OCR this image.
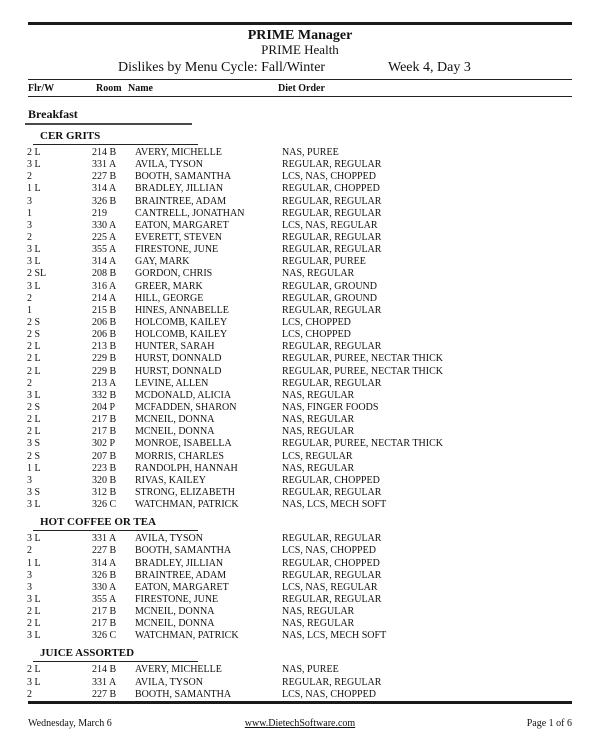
PRIME Manager
PRIME Health
Dislikes by Menu Cycle: Fall/Winter	Week 4, Day 3
Flr/W	Room Name	Diet Order
Breakfast
CER GRITS
2 L	214 B AVERY, MICHELLE	NAS, PUREE
3 L	331 A AVILA, TYSON	REGULAR, REGULAR
2	227 B BOOTH, SAMANTHA	LCS, NAS, CHOPPED
1 L	314 A BRADLEY, JILLIAN	REGULAR, CHOPPED
3	326 B BRAINTREE, ADAM	REGULAR, REGULAR
1	219	CANTRELL, JONATHAN	REGULAR, REGULAR
3	330 A EATON, MARGARET	LCS, NAS, REGULAR
2	225 A EVERETT, STEVEN	REGULAR, REGULAR
3 L	355 A FIRESTONE, JUNE	REGULAR, REGULAR
3 L	314 A GAY, MARK	REGULAR, PUREE
2 SL	208 B GORDON, CHRIS	NAS, REGULAR
3 L	316 A GREER, MARK	REGULAR, GROUND
2	214 A HILL, GEORGE	REGULAR, GROUND
1	215 B HINES, ANNABELLE	REGULAR, REGULAR
2 S	206 B HOLCOMB, KAILEY	LCS, CHOPPED
2 S	206 B HOLCOMB, KAILEY	LCS, CHOPPED
2 L	213 B HUNTER, SARAH	REGULAR, REGULAR
2 L	229 B HURST, DONNALD	REGULAR, PUREE, NECTAR THICK
2 L	229 B HURST, DONNALD	REGULAR, PUREE, NECTAR THICK
2	213 A LEVINE, ALLEN	REGULAR, REGULAR
3 L	332 B MCDONALD, ALICIA	NAS, REGULAR
2 S	204 P MCFADDEN, SHARON	NAS, FINGER FOODS
2 L	217 B MCNEIL, DONNA	NAS, REGULAR
2 L	217 B MCNEIL, DONNA	NAS, REGULAR
3 S	302 P MONROE, ISABELLA	REGULAR, PUREE, NECTAR THICK
2 S	207 B MORRIS, CHARLES	LCS, REGULAR
1 L	223 B RANDOLPH, HANNAH	NAS, REGULAR
3	320 B RIVAS, KAILEY	REGULAR, CHOPPED
3 S	312 B STRONG, ELIZABETH	REGULAR, REGULAR
3 L	326 C WATCHMAN, PATRICK	NAS, LCS, MECH SOFT
HOT COFFEE OR TEA
3 L	331 A AVILA, TYSON	REGULAR, REGULAR
2	227 B BOOTH, SAMANTHA	LCS, NAS, CHOPPED
1 L	314 A BRADLEY, JILLIAN	REGULAR, CHOPPED
3	326 B BRAINTREE, ADAM	REGULAR, REGULAR
3	330 A EATON, MARGARET	LCS, NAS, REGULAR
3 L	355 A FIRESTONE, JUNE	REGULAR, REGULAR
2 L	217 B MCNEIL, DONNA	NAS, REGULAR
2 L	217 B MCNEIL, DONNA	NAS, REGULAR
3 L	326 C WATCHMAN, PATRICK	NAS, LCS, MECH SOFT
JUICE ASSORTED
2 L	214 B AVERY, MICHELLE	NAS, PUREE
3 L	331 A AVILA, TYSON	REGULAR, REGULAR
2	227 B BOOTH, SAMANTHA	LCS, NAS, CHOPPED
Wednesday, March 6	www.DietechSoftware.com	Page 1 of 6
